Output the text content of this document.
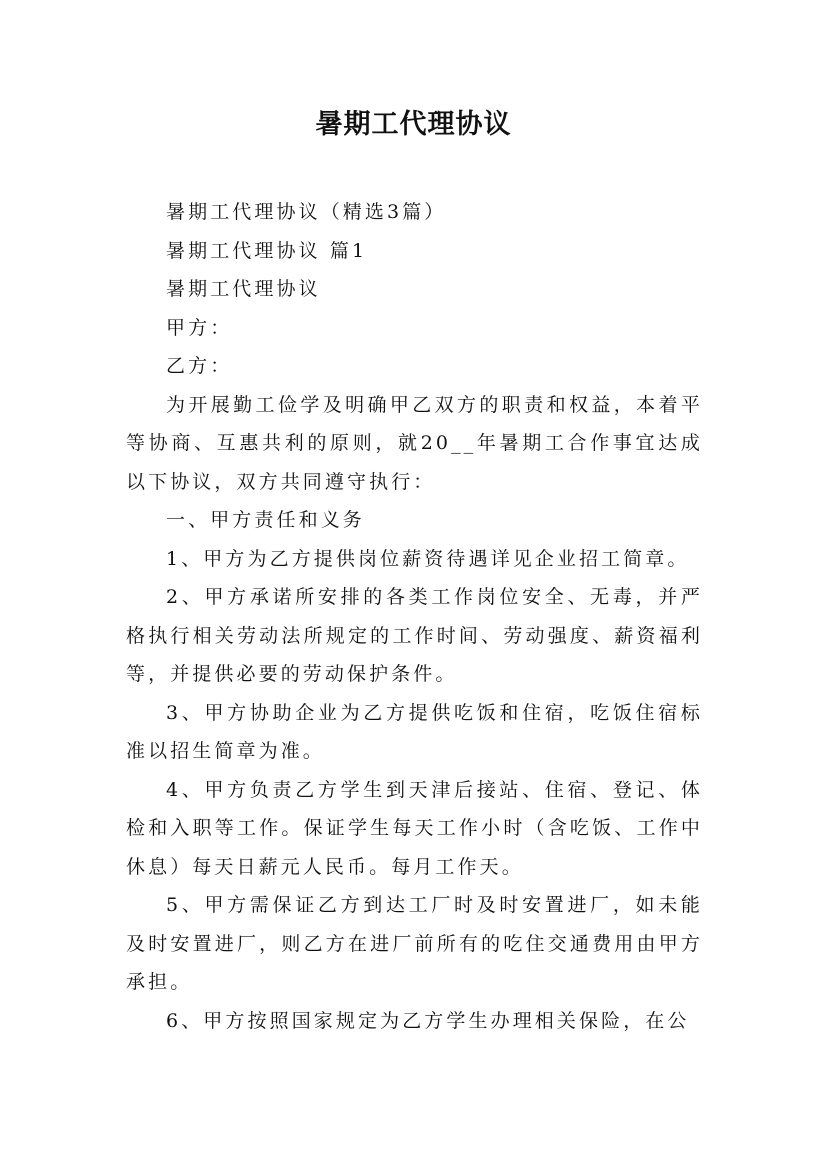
暑期工代理协议

暑期工代理协议（精选3篇）

暑期工代理协议 篇1

暑期工代理协议

甲方：

乙方：

为开展勤工俭学及明确甲乙双方的职责和权益，本着平等协商、互惠共利的原则，就20__年暑期工合作事宜达成以下协议，双方共同遵守执行：

一、甲方责任和义务

1、甲方为乙方提供岗位薪资待遇详见企业招工简章。

2、甲方承诺所安排的各类工作岗位安全、无毒，并严格执行相关劳动法所规定的工作时间、劳动强度、薪资福利等，并提供必要的劳动保护条件。

3、甲方协助企业为乙方提供吃饭和住宿，吃饭住宿标准以招生简章为准。

4、甲方负责乙方学生到天津后接站、住宿、登记、体检和入职等工作。保证学生每天工作小时（含吃饭、工作中休息）每天日薪元人民币。每月工作天。

5、甲方需保证乙方到达工厂时及时安置进厂，如未能及时安置进厂，则乙方在进厂前所有的吃住交通费用由甲方承担。

6、甲方按照国家规定为乙方学生办理相关保险，在公
